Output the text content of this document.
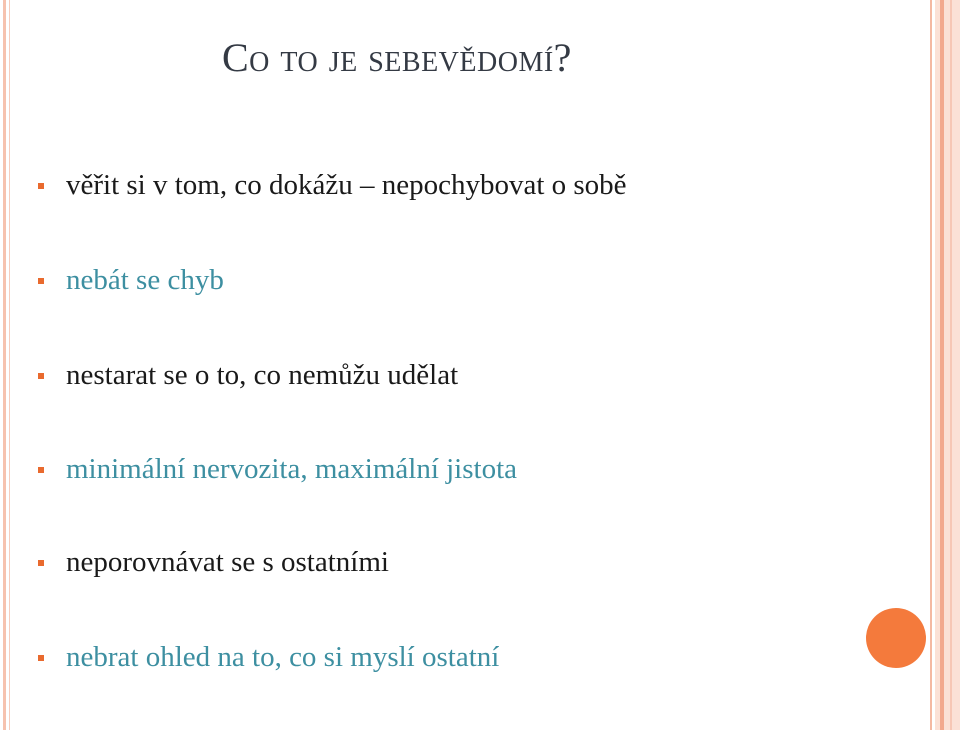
Co to je sebevědomí?
věřit si v tom, co dokážu – nepochybovat o sobě
nebát se chyb
nestarat se o to, co nemůžu udělat
minimální nervozita, maximální jistota
neporovnávat se s ostatními
nebrat ohled na to, co si myslí ostatní
